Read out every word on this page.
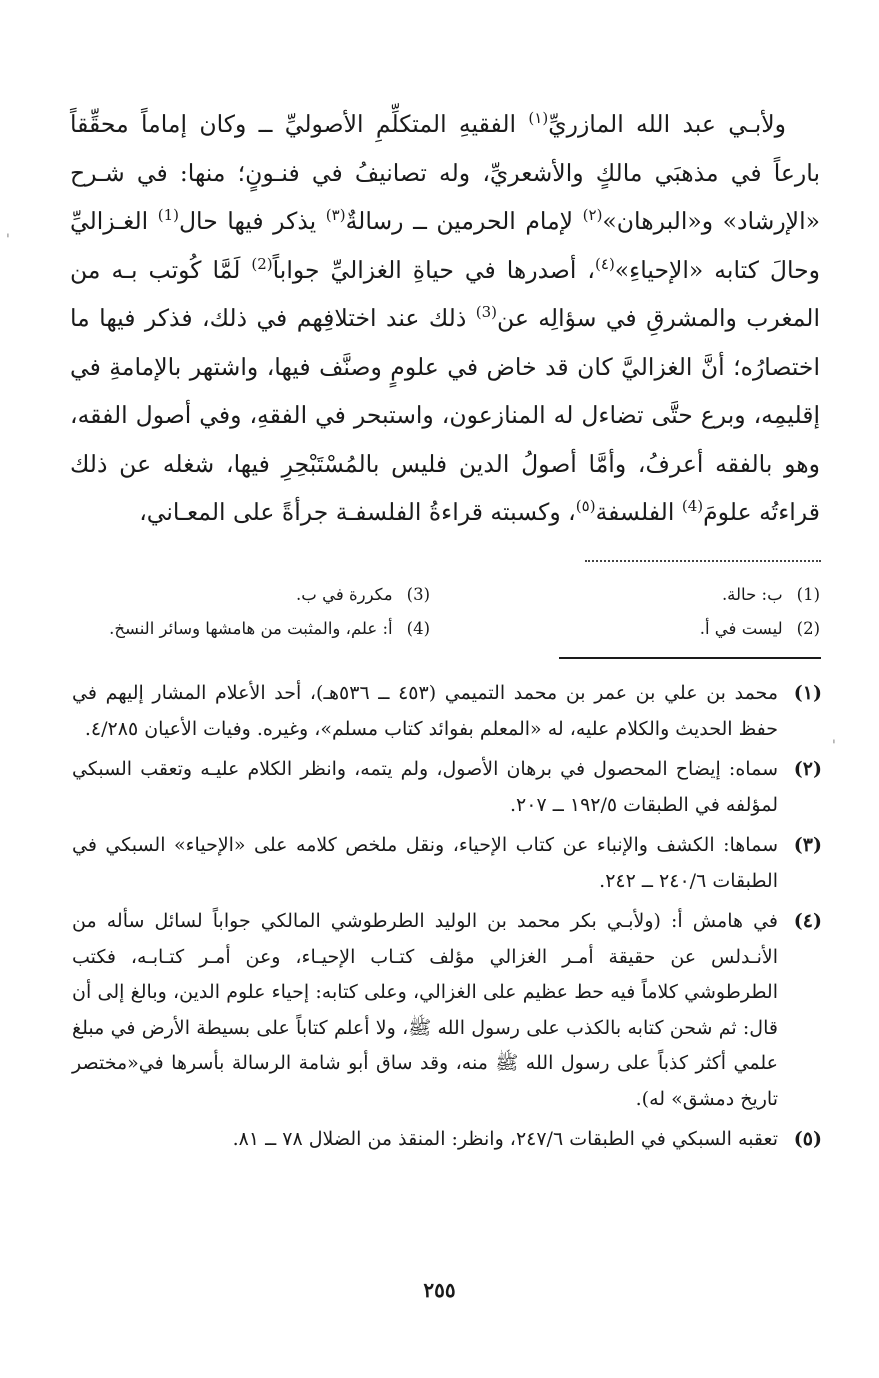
'
'

ولأبـي عبد الله المازريِّ$^{(١)}$ الفقيهِ المتكلِّمِ الأصوليِّ ــ وكان إماماً محقِّقاً بارعاً في مذهبَي مالكٍ والأشعريِّ، وله تصانيفُ في فنـونٍ؛ منها: في شـرح «الإرشاد» و«البرهان»$^{(٢)}$ لإمام الحرمين ــ رسالةٌ$^{(٣)}$ يذكر فيها حال$^{(1)}$ الغـزاليِّ وحالَ كتابه «الإحياءِ»$^{(٤)}$، أصدرها في حياةِ الغزاليِّ جواباً$^{(2)}$ لَمَّا كُوتب بـه من المغرب والمشرقِ في سؤالِه عن$^{(3)}$ ذلك عند اختلافِهم في ذلك، فذكر فيها ما اختصارُه؛ أنَّ الغزاليَّ كان قد خاض في علومٍ وصنَّف فيها، واشتهر بالإمامةِ في إقليمِه، وبرع حتَّى تضاءل له المنازعون، واستبحر في الفقهِ، وفي أصول الفقه، وهو بالفقه أعرفُ، وأمَّا أصولُ الدين فليس بالمُسْتَبْحِرِ فيها، شغله عن ذلك قراءتُه علومَ$^{(4)}$ الفلسفة$^{(٥)}$، وكسبته قراءةُ الفلسفـة جرأةً على المعـاني،

(1)ب: حالة.
(2)ليست في أ.
(3)مكررة في ب.
(4)أ: علم، والمثبت من هامشها وسائر النسخ.
(١)
محمد بن علي بن عمر بن محمد التميمي (٤٥٣ ــ ٥٣٦هـ)، أحد الأعلام المشار إليهم في حفظ الحديث والكلام عليه، له «المعلم بفوائد كتاب مسلم»، وغيره. وفيات الأعيان ٤/٢٨٥.
(٢)
سماه: إيضاح المحصول في برهان الأصول، ولم يتمه، وانظر الكلام عليـه وتعقب السبكي لمؤلفه في الطبقات ١٩٢/٥ ــ ٢٠٧.
(٣)
سماها: الكشف والإنباء عن كتاب الإحياء، ونقل ملخص كلامه على «الإحياء» السبكي في الطبقات ٢٤٠/٦ ــ ٢٤٢.
(٤)
في هامش أ: (ولأبـي بكر محمد بن الوليد الطرطوشي المالكي جواباً لسائل سأله من الأنـدلس عن حقيقة أمـر الغزالي مؤلف كتـاب الإحيـاء، وعن أمـر كتـابـه، فكتب الطرطوشي كلاماً فيه حط عظيم على الغزالي، وعلى كتابه: إحياء علوم الدين، وبالغ إلى أن قال: ثم شحن كتابه بالكذب على رسول الله ﷺ، ولا أعلم كتاباً على بسيطة الأرض في مبلغ علمي أكثر كذباً على رسول الله ﷺ منه، وقد ساق أبو شامة الرسالة بأسرها في«مختصر تاريخ دمشق» له).
(٥)
تعقبه السبكي في الطبقات ٢٤٧/٦، وانظر: المنقذ من الضلال ٧٨ ــ ٨١.
٢٥٥
